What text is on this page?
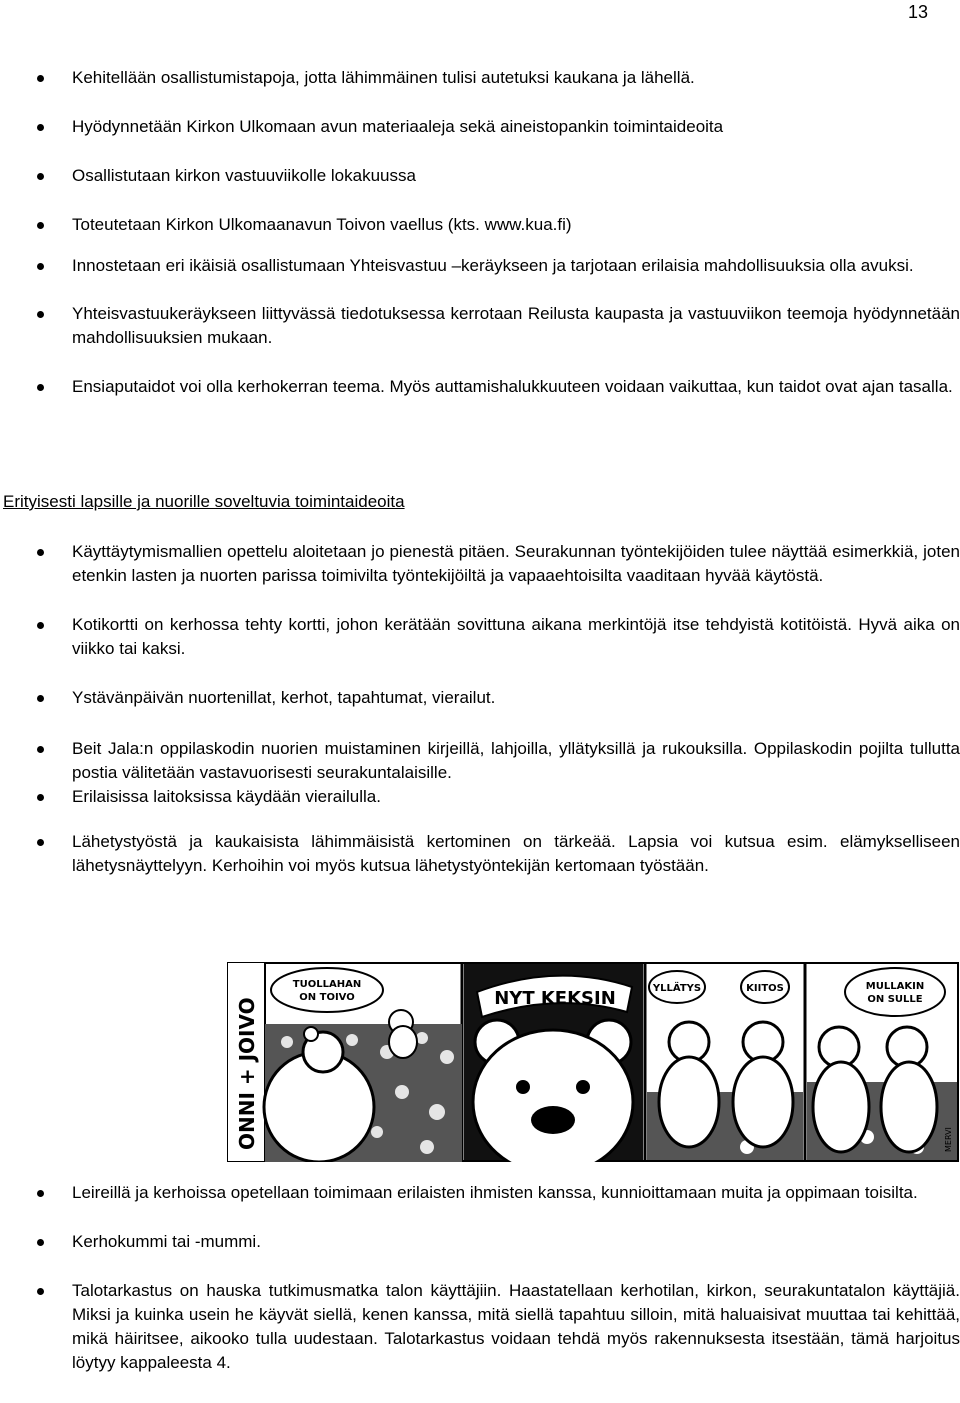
13
Kehitellään osallistumistapoja, jotta lähimmäinen tulisi autetuksi kaukana ja lähellä.
Hyödynnetään Kirkon Ulkomaan avun materiaaleja sekä aineistopankin toimintaideoita
Osallistutaan kirkon vastuuviikolle lokakuussa
Toteutetaan Kirkon Ulkomaanavun Toivon vaellus (kts. www.kua.fi)
Innostetaan eri ikäisiä osallistumaan Yhteisvastuu –keräykseen ja tarjotaan erilaisia mahdollisuuksia olla avuksi.
Yhteisvastuukeräykseen liittyvässä tiedotuksessa kerrotaan Reilusta kaupasta ja vastuuviikon teemoja hyödynnetään mahdollisuuksien mukaan.
Ensiaputaidot voi olla kerhokerran teema. Myös auttamishalukkuuteen voidaan vaikuttaa, kun taidot ovat ajan tasalla.
Erityisesti lapsille ja nuorille soveltuvia toimintaideoita
Käyttäytymismallien opettelu aloitetaan jo pienestä pitäen. Seurakunnan työntekijöiden tulee näyttää esimerkkiä, joten etenkin lasten ja nuorten parissa toimivilta työntekijöiltä ja vapaaehtoisilta vaaditaan hyvää käytöstä.
Kotikortti on kerhossa tehty kortti, johon kerätään sovittuna aikana merkintöjä itse tehdyistä kotitöistä. Hyvä aika on viikko tai kaksi.
Ystävänpäivän nuortenillat, kerhot, tapahtumat, vierailut.
Beit Jala:n oppilaskodin nuorien muistaminen kirjeillä, lahjoilla, yllätyksillä ja rukouksilla. Oppilaskodin pojilta tullutta postia välitetään vastavuorisesti seurakuntalaisille.
Erilaisissa laitoksissa käydään vierailulla.
Lähetystyöstä ja kaukaisista lähimmäisistä kertominen on tärkeää. Lapsia voi kutsua esim. elämykselliseen lähetysnäyttelyyn. Kerhoihin voi myös kutsua lähetystyöntekijän kertomaan työstään.
ONNI + JOIVO
TUOLLAHAN
ON TOIVO	NYT KEKSIN	YLLÄTYS	KIITOS	MULLAKIN
ON SULLE
MERVI
Leireillä ja kerhoissa opetellaan toimimaan erilaisten ihmisten kanssa, kunnioittamaan muita ja oppimaan toisilta.
Kerhokummi tai -mummi.
Talotarkastus on hauska tutkimusmatka talon käyttäjiin. Haastatellaan kerhotilan, kirkon, seurakuntatalon käyttäjiä. Miksi ja kuinka usein he käyvät siellä, kenen kanssa, mitä siellä tapahtuu silloin, mitä haluaisivat muuttaa tai kehittää, mikä häiritsee, aikooko tulla uudestaan. Talotarkastus voidaan tehdä myös rakennuksesta itsestään, tämä harjoitus löytyy kappaleesta 4.
